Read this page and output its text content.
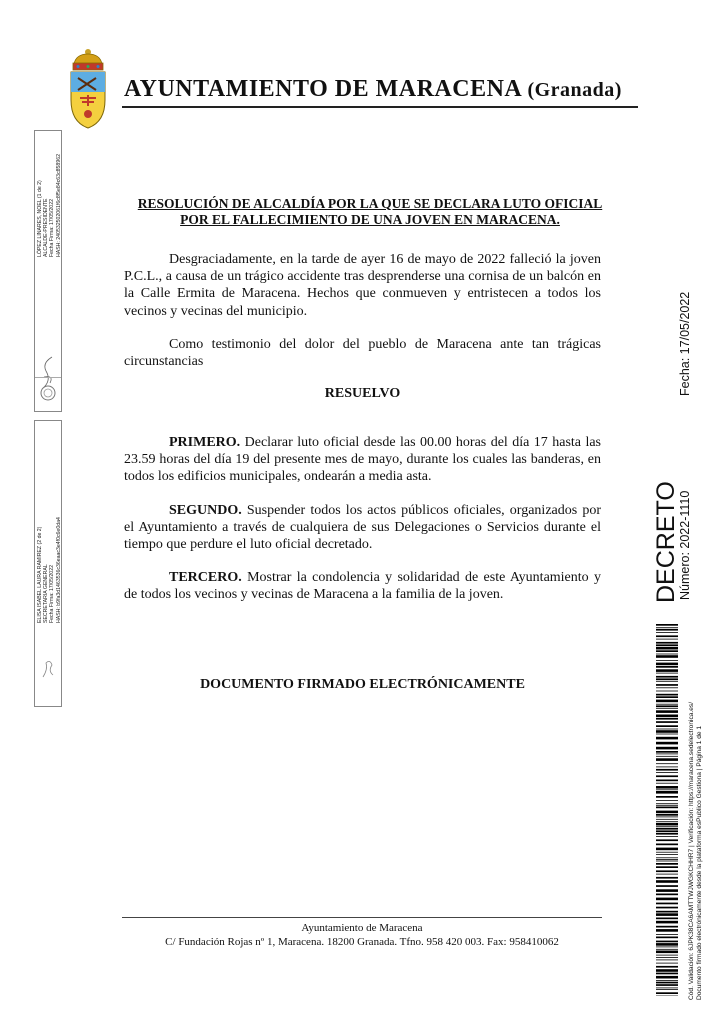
AYUNTAMIENTO DE MARACENA (Granada)
LÓPEZ LINARES, NOEL (1 de 2) ALCALDE-PRESIDENTE Fecha Firma: 17/05/2022 HASH: 240532502061f6c8f5e84c63c858962
ELISA ISABEL LAURA RAMIREZ (2 de 2) SECRETARIA GENERAL Fecha Firma: 17/05/2022 HASH: b9fa3d1463536c36eaac3e4f0c6e0da4
RESOLUCIÓN DE ALCALDÍA POR LA QUE SE DECLARA LUTO OFICIAL
POR EL FALLECIMIENTO DE UNA JOVEN EN MARACENA.
Desgraciadamente, en la tarde de ayer 16 de mayo de 2022 falleció la joven P.C.L., a causa de un trágico accidente tras desprenderse una cornisa de un balcón en la Calle Ermita de Maracena. Hechos que conmueven y entristecen a todos los vecinos y vecinas del municipio.
Como testimonio del dolor del pueblo de Maracena ante tan trágicas circunstancias
RESUELVO
PRIMERO. Declarar luto oficial desde las 00.00 horas del día 17 hasta las 23.59 horas del día 19 del presente mes de mayo, durante los cuales las banderas, en todos los edificios municipales, ondearán a media asta.
SEGUNDO. Suspender todos los actos públicos oficiales, organizados por el Ayuntamiento a través de cualquiera de sus Delegaciones o Servicios durante el tiempo que perdure el luto oficial decretado.
TERCERO. Mostrar la condolencia y solidaridad de este Ayuntamiento y de todos los vecinos y vecinas de Maracena a la familia de la joven.
DOCUMENTO FIRMADO ELECTRÓNICAMENTE
Ayuntamiento de Maracena
C/ Fundación Rojas nº 1, Maracena. 18200 Granada. Tfno. 958 420 003. Fax: 958410062
DECRETO
Número: 2022-1110
Fecha: 17/05/2022
Cód. Validación: 6JPK38CA6AMTTWJWGKCHHR7 | Verificación: https://maracena.sedelectronica.es/ Documento firmado electrónicamente desde la plataforma esPublico Gestiona | Página 1 de 1
